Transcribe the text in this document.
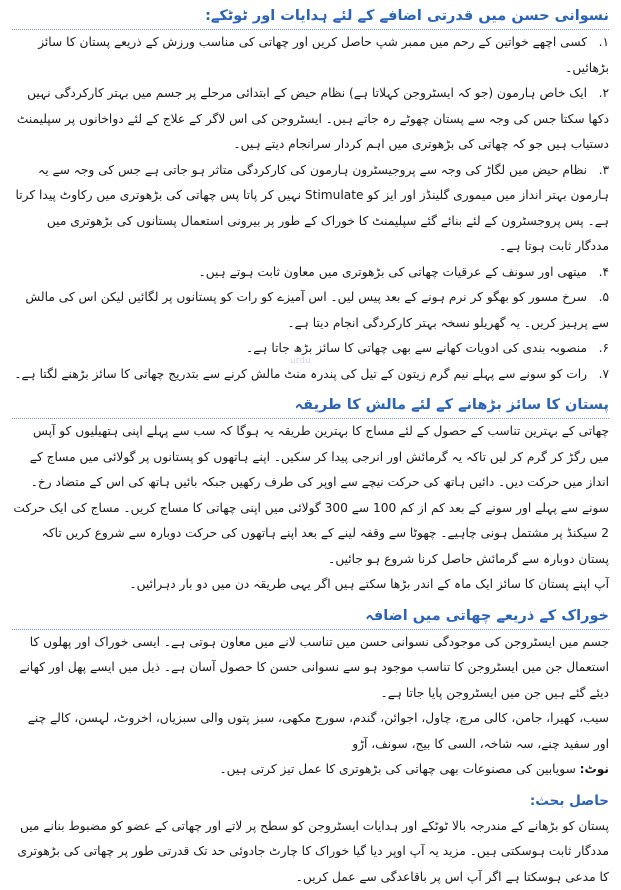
نسوانی حسن میں قدرتی اضافے کے لئے ہدایات اور ٹوٹکے:

۱.کسی اچھے خواتین کے رحم میں ممبر شپ حاصل کریں اور چھاتی کی مناسب ورزش کے ذریعے پستان کا سائز بڑھائیں۔

۲.ایک خاص ہارمون (جو کہ ایسٹروجن کہلاتا ہے) نظام حیض کے ابتدائی مرحلے پر جسم میں بہتر کارکردگی نہیں دکھا سکتا جس کی وجہ سے پستان چھوٹے رہ جاتے ہیں۔ ایسٹروجن کی اس لاگر کے علاج کے لئے دواخانوں پر سپلیمنٹ دستیاب ہیں جو کہ چھاتی کی بڑھوتری میں اہم کردار سرانجام دیتے ہیں۔

۳.نظام حیض میں لگاڑ کی وجہ سے پروجیسٹرون ہارمون کی کارکردگی متاثر ہو جاتی ہے جس کی وجہ سے یہ ہارمون بہتر انداز میں میموری گلینڈز اور ایز کو Stimulate نہیں کر پاتا پس چھاتی کی بڑھوتری میں رکاوٹ پیدا کرتا ہے۔ پس پروجسٹرون کے لئے بنائے گئے سپلیمنٹ کا خوراک کے طور پر بیرونی استعمال پستانوں کی بڑھوتری میں مددگار ثابت ہوتا ہے۔

۴.میتھی اور سونف کے عرقیات چھاتی کی بڑھوتری میں معاون ثابت ہوتے ہیں۔

۵.سرخ مسور کو بھگو کر نرم ہونے کے بعد پیس لیں۔ اس آمیزے کو رات کو پستانوں پر لگائیں لیکن اس کی مالش سے پرہیز کریں۔ یہ گھریلو نسخہ بہتر کارکردگی انجام دیتا ہے۔

۶.منصوبہ بندی کی ادویات کھانے سے بھی چھاتی کا سائز بڑھ جاتا ہے۔

۷.رات کو سونے سے پہلے نیم گرم زیتون کے تیل کی پندرہ منٹ مالش کرنے سے بتدریج چھاتی کا سائز بڑھنے لگتا ہے۔

پستان کا سائز بڑھانے کے لئے مالش کا طریقہ

چھاتی کے بہترین تناسب کے حصول کے لئے مساج کا بہترین طریقہ یہ ہوگا کہ سب سے پہلے اپنی ہتھیلیوں کو آپس میں رگڑ کر گرم کر لیں تاکہ یہ گرمائش اور انرجی پیدا کر سکیں۔ اپنے ہاتھوں کو پستانوں پر گولائی میں مساج کے انداز میں حرکت دیں۔ دائیں ہاتھ کی حرکت نیچے سے اوپر کی طرف رکھیں جبکہ بائیں ہاتھ کی اس کے متضاد رخ۔ سونے سے پہلے اور سونے کے بعد کم از کم 100 سے 300 گولائی میں اپنی چھاتی کا مساج کریں۔ مساج کی ایک حرکت 2 سیکنڈ پر مشتمل ہونی چاہیے۔ چھوٹا سے وقفہ لینے کے بعد اپنے ہاتھوں کی حرکت دوبارہ سے شروع کریں تاکہ پستان دوبارہ سے گرمائش حاصل کرنا شروع ہو جائیں۔

آپ اپنے پستان کا سائز ایک ماہ کے اندر بڑھا سکتے ہیں اگر یہی طریقہ دن میں دو بار دہرائیں۔

خوراک کے ذریعے چھاتی میں اضافہ

جسم میں ایسٹروجن کی موجودگی نسوانی حسن میں تناسب لانے میں معاون ہوتی ہے۔ ایسی خوراک اور پھلوں کا استعمال جن میں ایسٹروجن کا تناسب موجود ہو سے نسوانی حسن کا حصول آسان ہے۔ ذیل میں ایسے پھل اور کھانے دیئے گئے ہیں جن میں ایسٹروجن پایا جاتا ہے۔

سیب، کھیرا، جامن، کالی مرچ، چاول، اجوائن، گندم، سورج مکھی، سبز پتوں والی سبزیاں، اخروٹ، لہسن، کالے چنے اور سفید چنے، سہ شاخہ، السی کا بیج، سونف، آڑو

نوٹ: سویابین کی مصنوعات بھی چھاتی کی بڑھوتری کا عمل تیز کرتی ہیں۔

حاصل بحث:

پستان کو بڑھانے کے مندرجہ بالا ٹوٹکے اور ہدایات ایسٹروجن کو سطح پر لاتے اور چھاتی کے عضو کو مضبوط بنانے میں مددگار ثابت ہوسکتی ہیں۔ مزید یہ آپ اوپر دیا گیا خوراک کا چارٹ جادوئی حد تک قدرتی طور پر چھاتی کی بڑھوتری کا مدعی ہوسکتا ہے اگر آپ اس پر باقاعدگی سے عمل کریں۔

urdu
